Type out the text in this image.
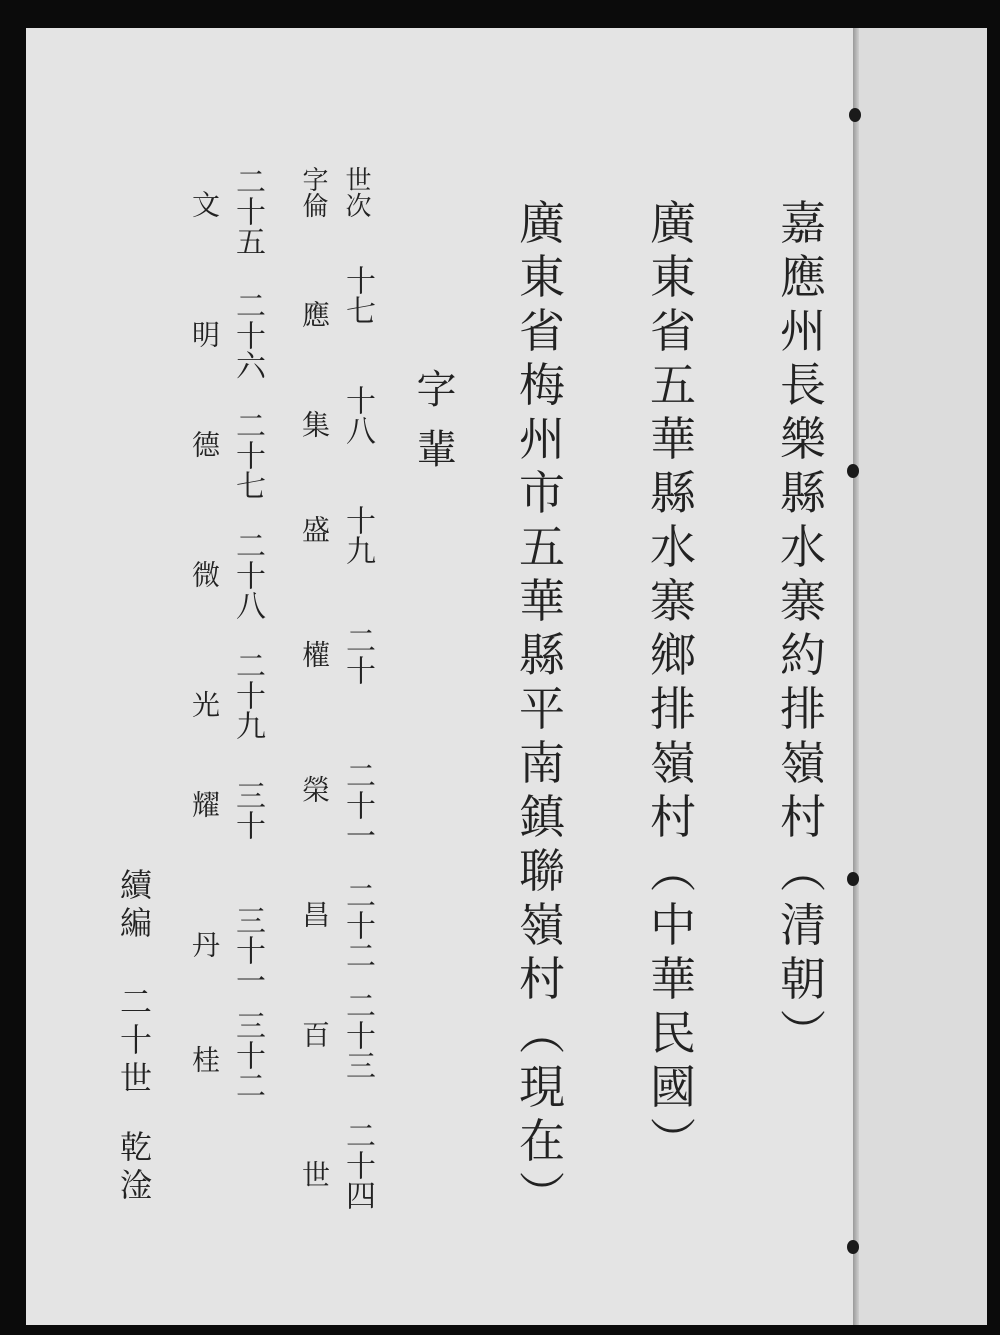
嘉
應
州
長
樂
縣
水
寨
約
排
嶺
村
︵
清
朝
︶
廣
東
省
五
華
縣
水
寨
鄉
排
嶺
村
︵
中
華
民
國
︶
廣
東
省
梅
州
市
五
華
縣
平
南
鎮
聯
嶺
村
︵
現
在
︶
字輩
世次
字倫
十七
十八
十九
二十
二十一
二十二
二十三
二十四
應
集
盛
權
榮
昌
百
世
二十五
二十六
二十七
二十八
二十九
三十
三十一
三十二
文
明
德
微
光
耀
丹
桂
續編
二十世
乾淦
